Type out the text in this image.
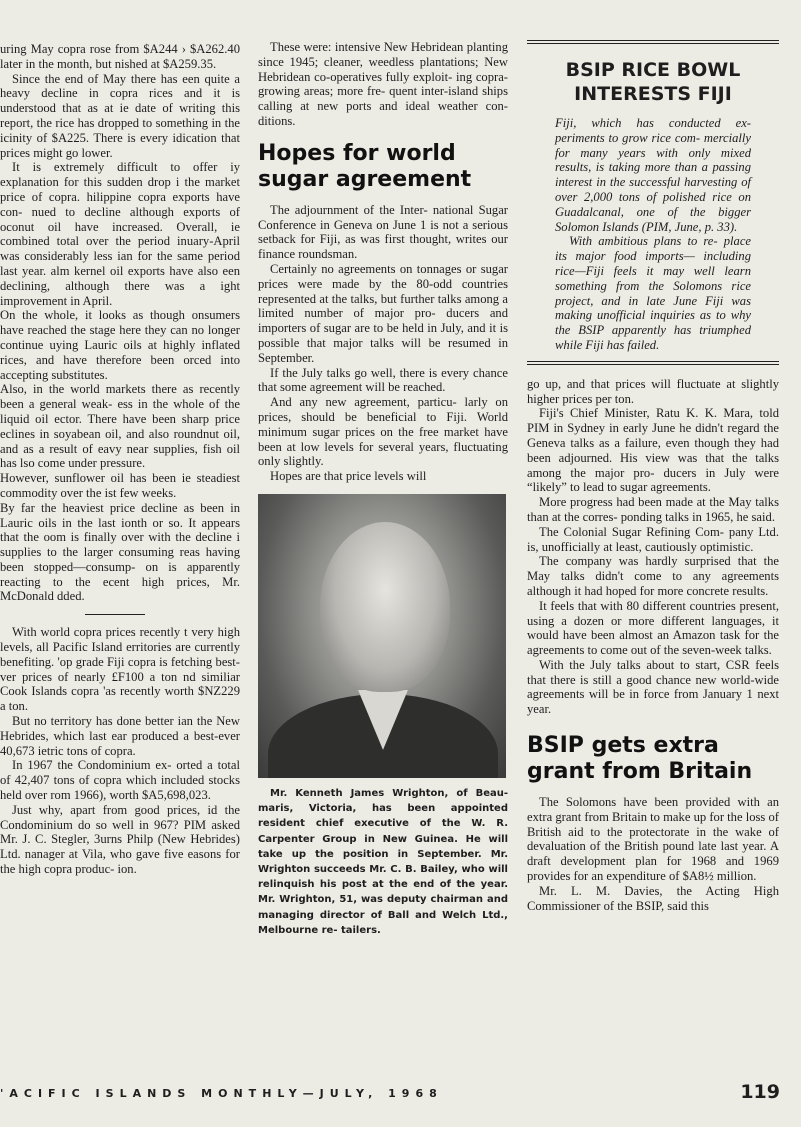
uring May copra rose from $A244 › $A262.40 later in the month, but nished at $A259.35.

Since the end of May there has een quite a heavy decline in copra rices and it is understood that as at ie date of writing this report, the rice has dropped to something in the icinity of $A225. There is every idication that prices might go lower.

It is extremely difficult to offer iy explanation for this sudden drop i the market price of copra. hilippine copra exports have con- nued to decline although exports of oconut oil have increased. Overall, ie combined total over the period inuary-April was considerably less ian for the same period last year. alm kernel oil exports have also een declining, although there was a ight improvement in April.

On the whole, it looks as though onsumers have reached the stage here they can no longer continue uying Lauric oils at highly inflated rices, and have therefore been orced into accepting substitutes.

Also, in the world markets there as recently been a general weak- ess in the whole of the liquid oil ector. There have been sharp price eclines in soyabean oil, and also roundnut oil, and as a result of eavy near supplies, fish oil has lso come under pressure.

However, sunflower oil has been ie steadiest commodity over the ist few weeks.

By far the heaviest price decline as been in Lauric oils in the last ionth or so. It appears that the oom is finally over with the decline i supplies to the larger consuming reas having been stopped—consump- on is apparently reacting to the ecent high prices, Mr. McDonald dded.

With world copra prices recently t very high levels, all Pacific Island erritories are currently benefiting. 'op grade Fiji copra is fetching best- ver prices of nearly £F100 a ton nd similiar Cook Islands copra 'as recently worth $NZ229 a ton.

But no territory has done better ian the New Hebrides, which last ear produced a best-ever 40,673 ietric tons of copra.

In 1967 the Condominium ex- orted a total of 42,407 tons of copra which included stocks held over rom 1966), worth $A5,698,023.

Just why, apart from good prices, id the Condominium do so well in 967? PIM asked Mr. J. C. Stegler, 3urns Philp (New Hebrides) Ltd. nanager at Vila, who gave five easons for the high copra produc- ion.

These were: intensive New Hebridean planting since 1945; cleaner, weedless plantations; New Hebridean co-operatives fully exploit- ing copra-growing areas; more fre- quent inter-island ships calling at new ports and ideal weather con- ditions.

Hopes for world sugar agreement

The adjournment of the Inter- national Sugar Conference in Geneva on June 1 is not a serious setback for Fiji, as was first thought, writes our finance roundsman.

Certainly no agreements on tonnages or sugar prices were made by the 80-odd countries represented at the talks, but further talks among a limited number of major pro- ducers and importers of sugar are to be held in July, and it is possible that major talks will be resumed in September.

If the July talks go well, there is every chance that some agreement will be reached.

And any new agreement, particu- larly on prices, should be beneficial to Fiji. World minimum sugar prices on the free market have been at low levels for several years, fluctuating only slightly.

Hopes are that price levels will

Mr. Kenneth James Wrighton, of Beau- maris, Victoria, has been appointed resident chief executive of the W. R. Carpenter Group in New Guinea. He will take up the position in September. Mr. Wrighton succeeds Mr. C. B. Bailey, who will relinquish his post at the end of the year. Mr. Wrighton, 51, was deputy chairman and managing director of Ball and Welch Ltd., Melbourne re- tailers.

BSIP RICE BOWL INTERESTS FIJI

Fiji, which has conducted ex- periments to grow rice com- mercially for many years with only mixed results, is taking more than a passing interest in the successful harvesting of over 2,000 tons of polished rice on Guadalcanal, one of the bigger Solomon Islands (PIM, June, p. 33).

With ambitious plans to re- place its major food imports— including rice—Fiji feels it may well learn something from the Solomons rice project, and in late June Fiji was making unofficial inquiries as to why the BSIP apparently has triumphed while Fiji has failed.

go up, and that prices will fluctuate at slightly higher prices per ton.

Fiji's Chief Minister, Ratu K. K. Mara, told PIM in Sydney in early June he didn't regard the Geneva talks as a failure, even though they had been adjourned. His view was that the talks among the major pro- ducers in July were “likely” to lead to sugar agreements.

More progress had been made at the May talks than at the corres- ponding talks in 1965, he said.

The Colonial Sugar Refining Com- pany Ltd. is, unofficially at least, cautiously optimistic.

The company was hardly surprised that the May talks didn't come to any agreements although it had hoped for more concrete results.

It feels that with 80 different countries present, using a dozen or more different languages, it would have been almost an Amazon task for the agreements to come out of the seven-week talks.

With the July talks about to start, CSR feels that there is still a good chance new world-wide agreements will be in force from January 1 next year.

BSIP gets extra grant from Britain

The Solomons have been provided with an extra grant from Britain to make up for the loss of British aid to the protectorate in the wake of devaluation of the British pound late last year. A draft development plan for 1968 and 1969 provides for an expenditure of $A8½ million.

Mr. L. M. Davies, the Acting High Commissioner of the BSIP, said this

'ACIFIC ISLANDS MONTHLY—JULY, 1968	119
